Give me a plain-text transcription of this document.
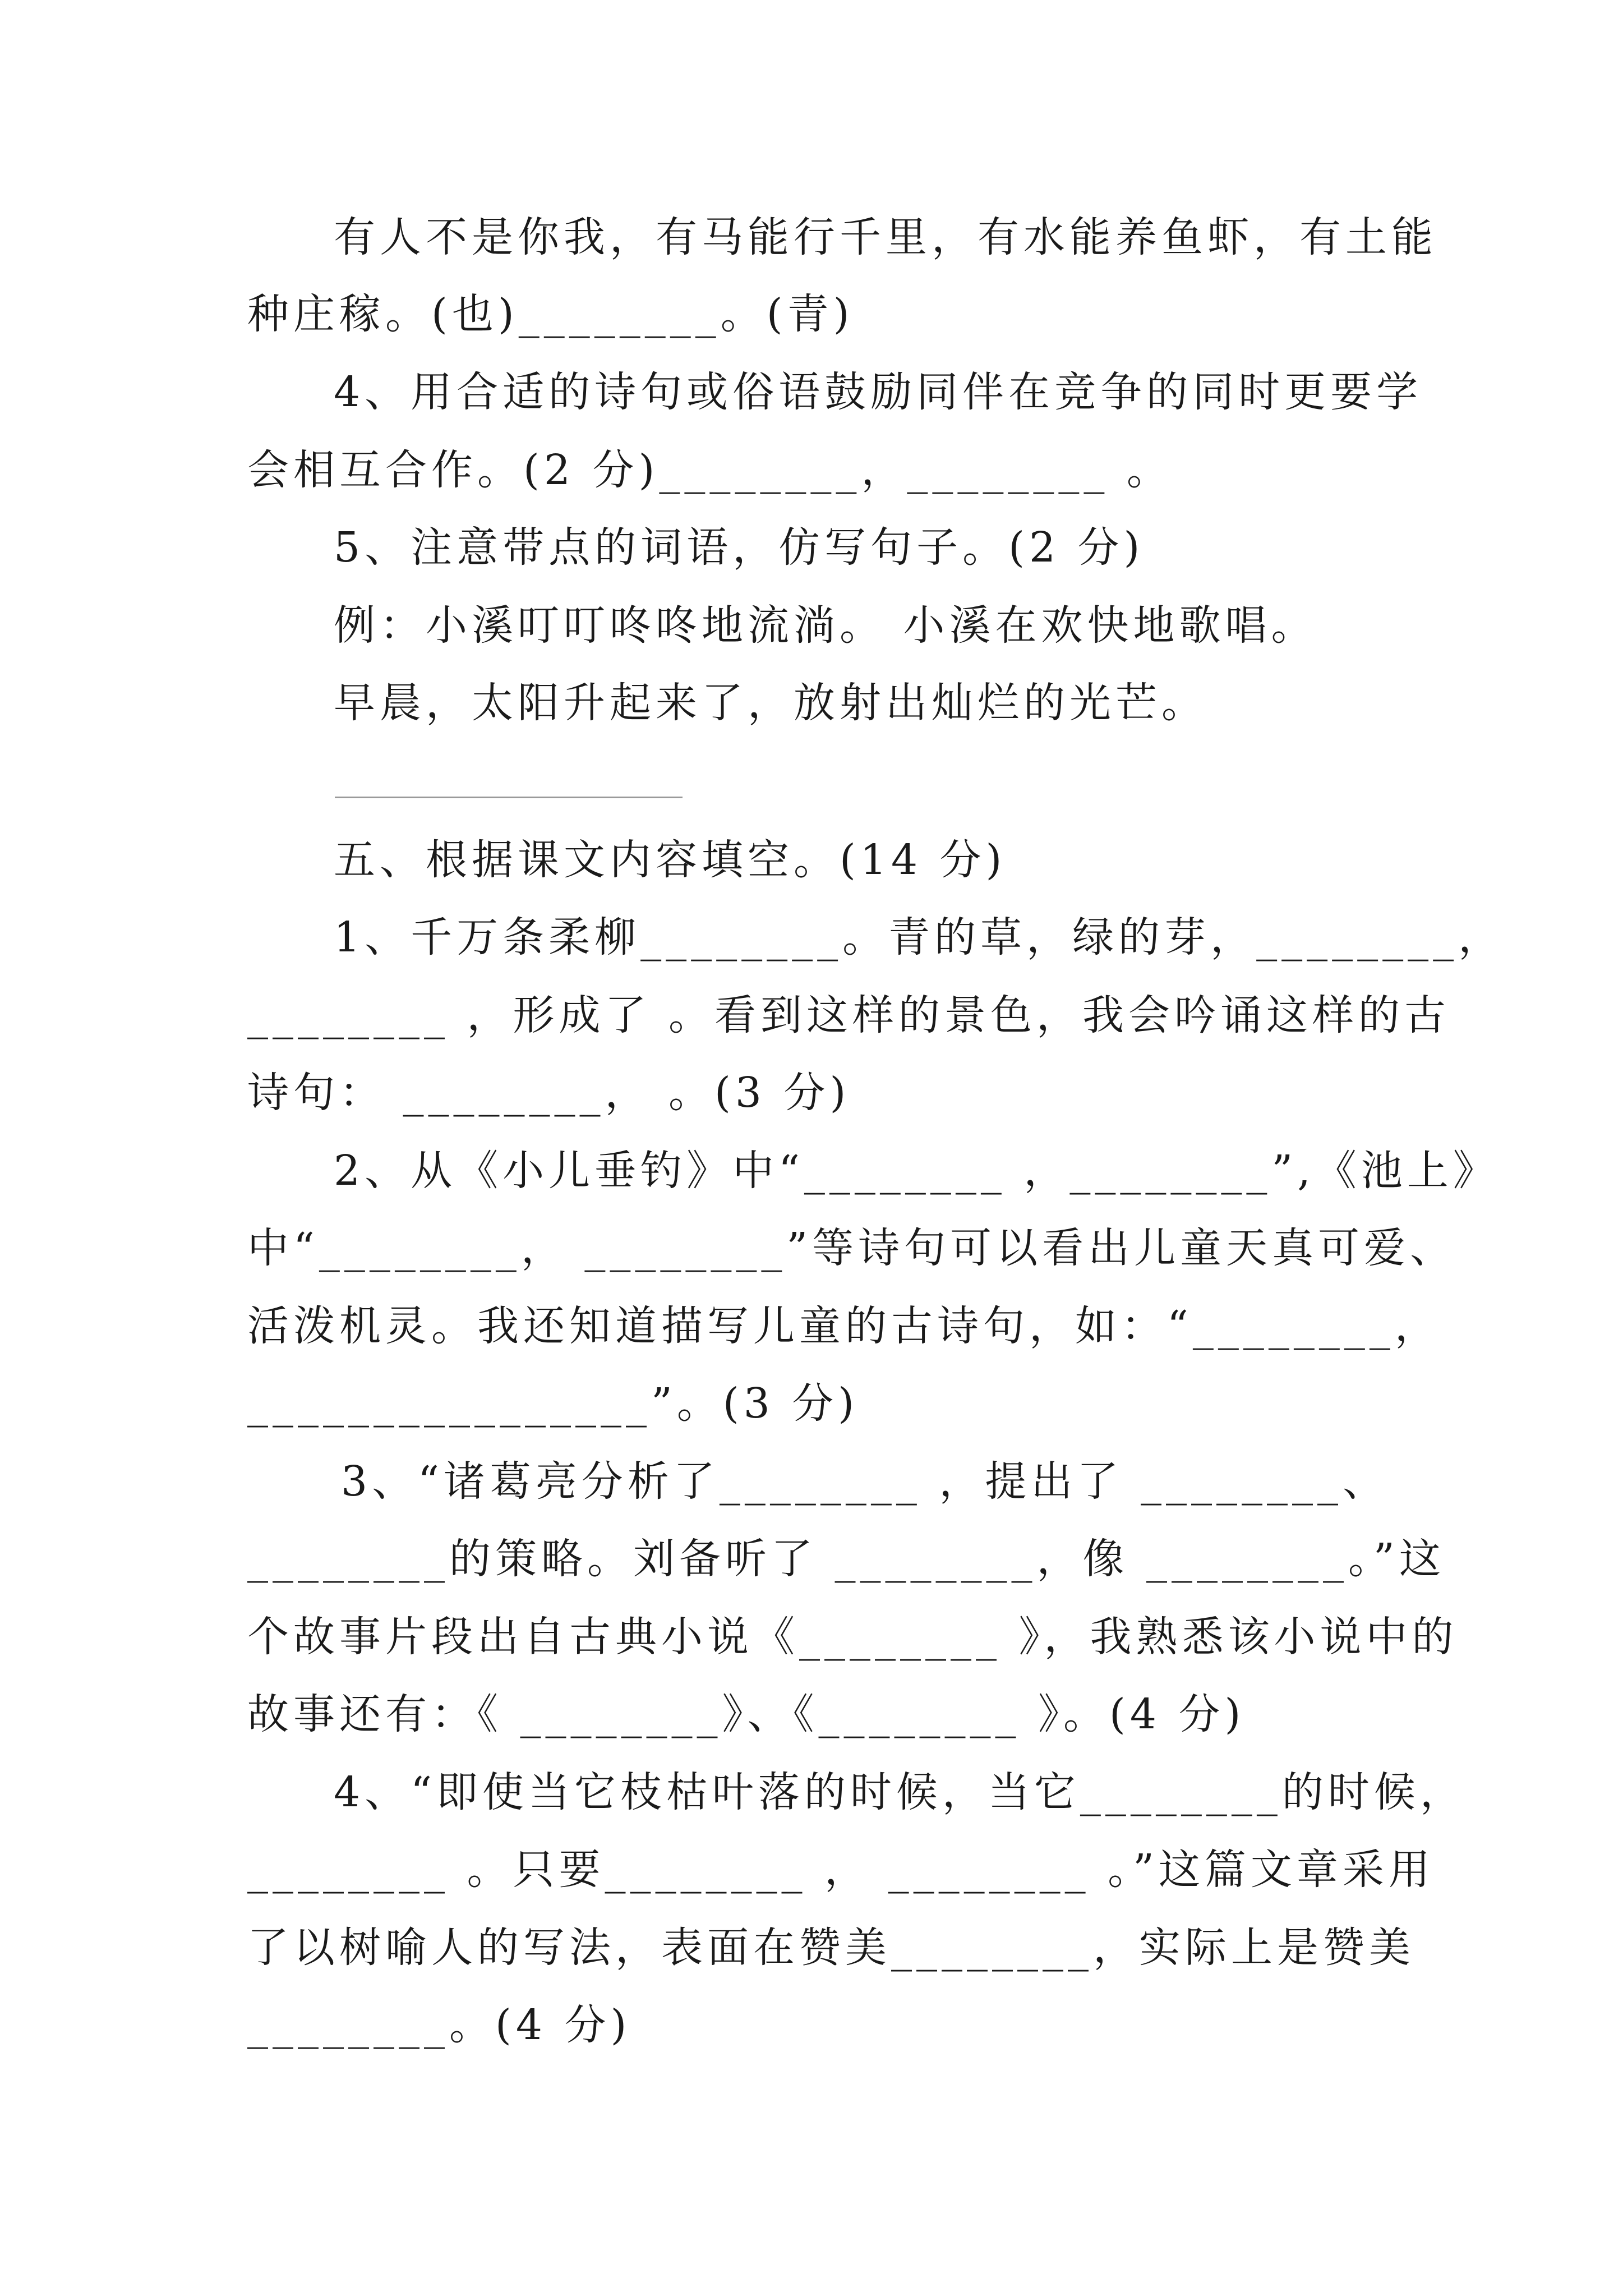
有人不是你我，有马能行千里，有水能养鱼虾，有土能
种庄稼。(也)________。(青)
4、用合适的诗句或俗语鼓励同伴在竞争的同时更要学
会相互合作。(2 分)________，________ 。
5、注意带点的词语，仿写句子。(2 分)
例：小溪叮叮咚咚地流淌。 小溪在欢快地歌唱。
早晨，太阳升起来了，放射出灿烂的光芒。
五、根据课文内容填空。(14 分)
1、千万条柔柳________。青的草，绿的芽，________，
________ ，形成了 。看到这样的景色，我会吟诵这样的古
诗句： ________， 。(3 分)
2、从《小儿垂钓》中“________ ，________”,《池上》
中“________， ________”等诗句可以看出儿童天真可爱、
活泼机灵。我还知道描写儿童的古诗句，如：“________，
________________”。(3 分)
3、“诸葛亮分析了________ ，提出了 ________、
________的策略。刘备听了 ________，像 ________。”这
个故事片段出自古典小说《________ 》，我熟悉该小说中的
故事还有：《 ________》、《________ 》。(4 分)
4、“即使当它枝枯叶落的时候，当它________的时候，
________ 。只要________ ， ________ 。”这篇文章采用
了以树喻人的写法，表面在赞美________，实际上是赞美
________。(4 分)
